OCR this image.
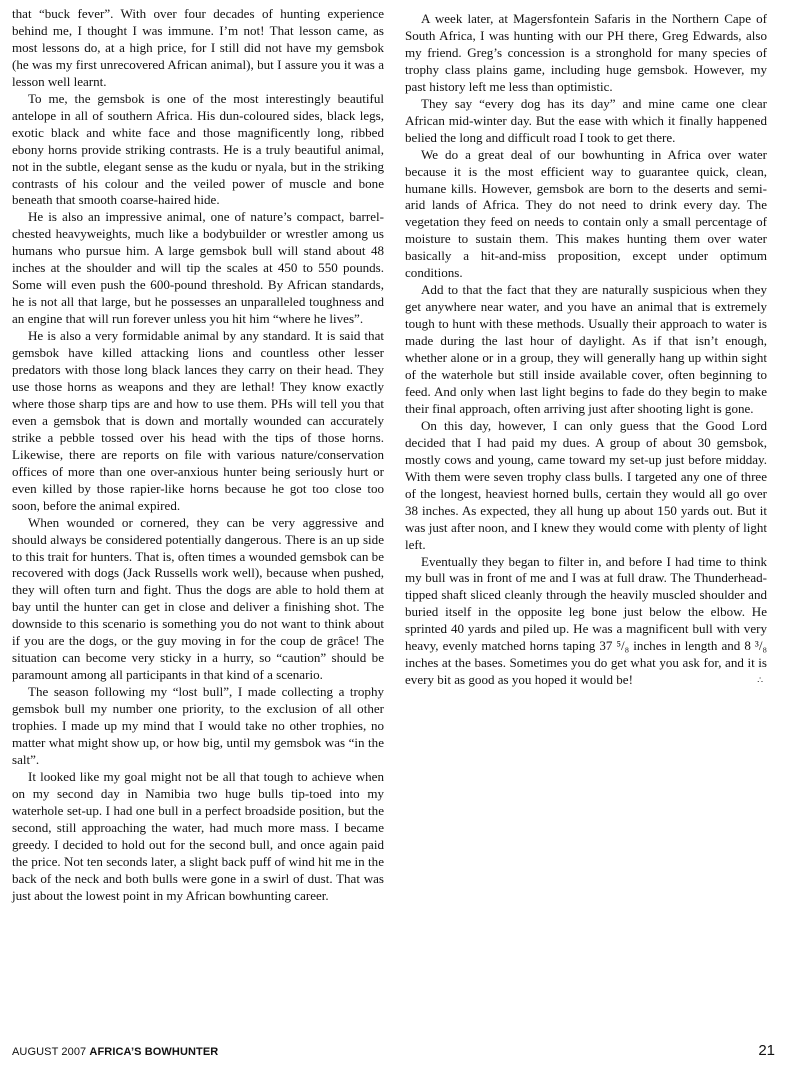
that “buck fever”. With over four decades of hunting experience behind me, I thought I was immune. I’m not! That lesson came, as most lessons do, at a high price, for I still did not have my gemsbok (he was my first unrecovered African animal), but I assure you it was a lesson well learnt.

To me, the gemsbok is one of the most interestingly beautiful antelope in all of southern Africa. His dun-coloured sides, black legs, exotic black and white face and those magnificently long, ribbed ebony horns provide striking contrasts. He is a truly beautiful animal, not in the subtle, elegant sense as the kudu or nyala, but in the striking contrasts of his colour and the veiled power of muscle and bone beneath that smooth coarse-haired hide.

He is also an impressive animal, one of nature’s compact, barrel-chested heavyweights, much like a bodybuilder or wrestler among us humans who pursue him. A large gemsbok bull will stand about 48 inches at the shoulder and will tip the scales at 450 to 550 pounds. Some will even push the 600-pound threshold. By African standards, he is not all that large, but he possesses an unparalleled toughness and an engine that will run forever unless you hit him “where he lives”.

He is also a very formidable animal by any standard. It is said that gemsbok have killed attacking lions and countless other lesser predators with those long black lances they carry on their head. They use those horns as weapons and they are lethal! They know exactly where those sharp tips are and how to use them. PHs will tell you that even a gemsbok that is down and mortally wounded can accurately strike a pebble tossed over his head with the tips of those horns. Likewise, there are reports on file with various nature/conservation offices of more than one over-anxious hunter being seriously hurt or even killed by those rapier-like horns because he got too close too soon, before the animal expired.

When wounded or cornered, they can be very aggressive and should always be considered potentially dangerous. There is an up side to this trait for hunters. That is, often times a wounded gemsbok can be recovered with dogs (Jack Russells work well), because when pushed, they will often turn and fight. Thus the dogs are able to hold them at bay until the hunter can get in close and deliver a finishing shot. The downside to this scenario is something you do not want to think about if you are the dogs, or the guy moving in for the coup de grâce! The situation can become very sticky in a hurry, so “caution” should be paramount among all participants in that kind of a scenario.

The season following my “lost bull”, I made collecting a trophy gemsbok bull my number one priority, to the exclusion of all other trophies. I made up my mind that I would take no other trophies, no matter what might show up, or how big, until my gemsbok was “in the salt”.

It looked like my goal might not be all that tough to achieve when on my second day in Namibia two huge bulls tip-toed into my waterhole set-up. I had one bull in a perfect broadside position, but the second, still approaching the water, had much more mass. I became greedy. I decided to hold out for the second bull, and once again paid the price. Not ten seconds later, a slight back puff of wind hit me in the back of the neck and both bulls were gone in a swirl of dust. That was just about the lowest point in my African bowhunting career.

A week later, at Magersfontein Safaris in the Northern Cape of South Africa, I was hunting with our PH there, Greg Edwards, also my friend. Greg’s concession is a stronghold for many species of trophy class plains game, including huge gemsbok. However, my past history left me less than optimistic.

They say “every dog has its day” and mine came one clear African mid-winter day. But the ease with which it finally happened belied the long and difficult road I took to get there.

We do a great deal of our bowhunting in Africa over water because it is the most efficient way to guarantee quick, clean, humane kills. However, gemsbok are born to the deserts and semi-arid lands of Africa. They do not need to drink every day. The vegetation they feed on needs to contain only a small percentage of moisture to sustain them. This makes hunting them over water basically a hit-and-miss proposition, except under optimum conditions.

Add to that the fact that they are naturally suspicious when they get anywhere near water, and you have an animal that is extremely tough to hunt with these methods. Usually their approach to water is made during the last hour of daylight. As if that isn’t enough, whether alone or in a group, they will generally hang up within sight of the waterhole but still inside available cover, often beginning to feed. And only when last light begins to fade do they begin to make their final approach, often arriving just after shooting light is gone.

On this day, however, I can only guess that the Good Lord decided that I had paid my dues. A group of about 30 gemsbok, mostly cows and young, came toward my set-up just before midday. With them were seven trophy class bulls. I targeted any one of three of the longest, heaviest horned bulls, certain they would all go over 38 inches. As expected, they all hung up about 150 yards out. But it was just after noon, and I knew they would come with plenty of light left.

Eventually they began to filter in, and before I had time to think my bull was in front of me and I was at full draw. The Thunderhead-tipped shaft sliced cleanly through the heavily muscled shoulder and buried itself in the opposite leg bone just below the elbow. He sprinted 40 yards and piled up. He was a magnificent bull with very heavy, evenly matched horns taping 37 ⁵/₈ inches in length and 8 ³/₈ inches at the bases. Sometimes you do get what you ask for, and it is every bit as good as you hoped it would be!	∴

AUGUST 2007 AFRICA’S BOWHUNTER	21
